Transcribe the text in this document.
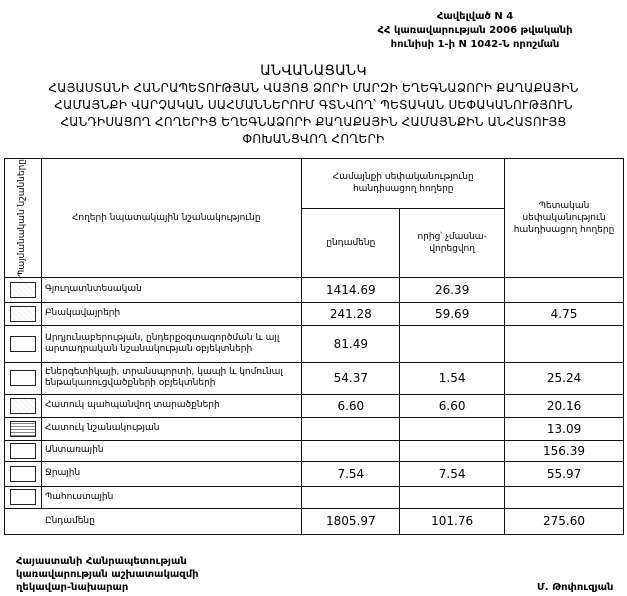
Հավելված N 4
ՀՀ կառավարության 2006 թվականի
հունիսի 1-ի N 1042-Ն որոշման
ԱՆՎԱՆԱՑԱՆԿ
ՀԱՅԱՍՏԱՆԻ ՀԱՆՐԱՊԵՏՈՒԹՅԱՆ ՎԱՅՈՑ ՁՈՐԻ ՄԱՐԶԻ ԵՂԵԳՆԱՁՈՐԻ ՔԱՂԱՔԱՅԻՆ
ՀԱՄԱՅՆՔԻ ՎԱՐՉԱԿԱՆ ՍԱՀՄԱՆՆԵՐՈՒՄ ԳՏՆՎՈՂ՝ ՊԵՏԱԿԱՆ ՍԵՓԱԿԱՆՈՒԹՅՈՒՆ
ՀԱՆԴԻՍԱՑՈՂ ՀՈՂԵՐԻՑ ԵՂԵԳՆԱՁՈՐԻ ՔԱՂԱՔԱՅԻՆ ՀԱՄԱՅՆՔԻՆ ԱՆՀԱՏՈՒՅՑ
ՓՈԽԱՆՑՎՈՂ ՀՈՂԵՐԻ
Պայմանական նշանները	Հողերի նպատակային նշանակությունը	Համայնքի սեփականությունը հանդիսացող հողերը		Պետական սեփականություն հանդիսացող հողերը
		ընդամենը	որից՝ չմասնա-վորեցվող	
	Գյուղատնտեսական	1414.69	26.39	
	Բնակավայրերի	241.28	59.69	4.75
	Արդյունաբերության, ընդերքօգտագործման և այլ արտադրական նշանակության օբյեկտների	81.49		
	Էներգետիկայի, տրանսպորտի, կապի և կոմունալ ենթակառուցվածքների օբյեկտների	54.37	1.54	25.24
	Հատուկ պահպանվող տարածքների	6.60	6.60	20.16
	Հատուկ նշանակության			13.09
	Անտառային			156.39
	Ջրային	7.54	7.54	55.97
	Պահուստային			
Ընդամենը		1805.97	101.76	275.60
Հայաստանի Հանրապետության
կառավարության աշխատակազմի
ղեկավար-նախարար	Մ. Թոփուզյան
